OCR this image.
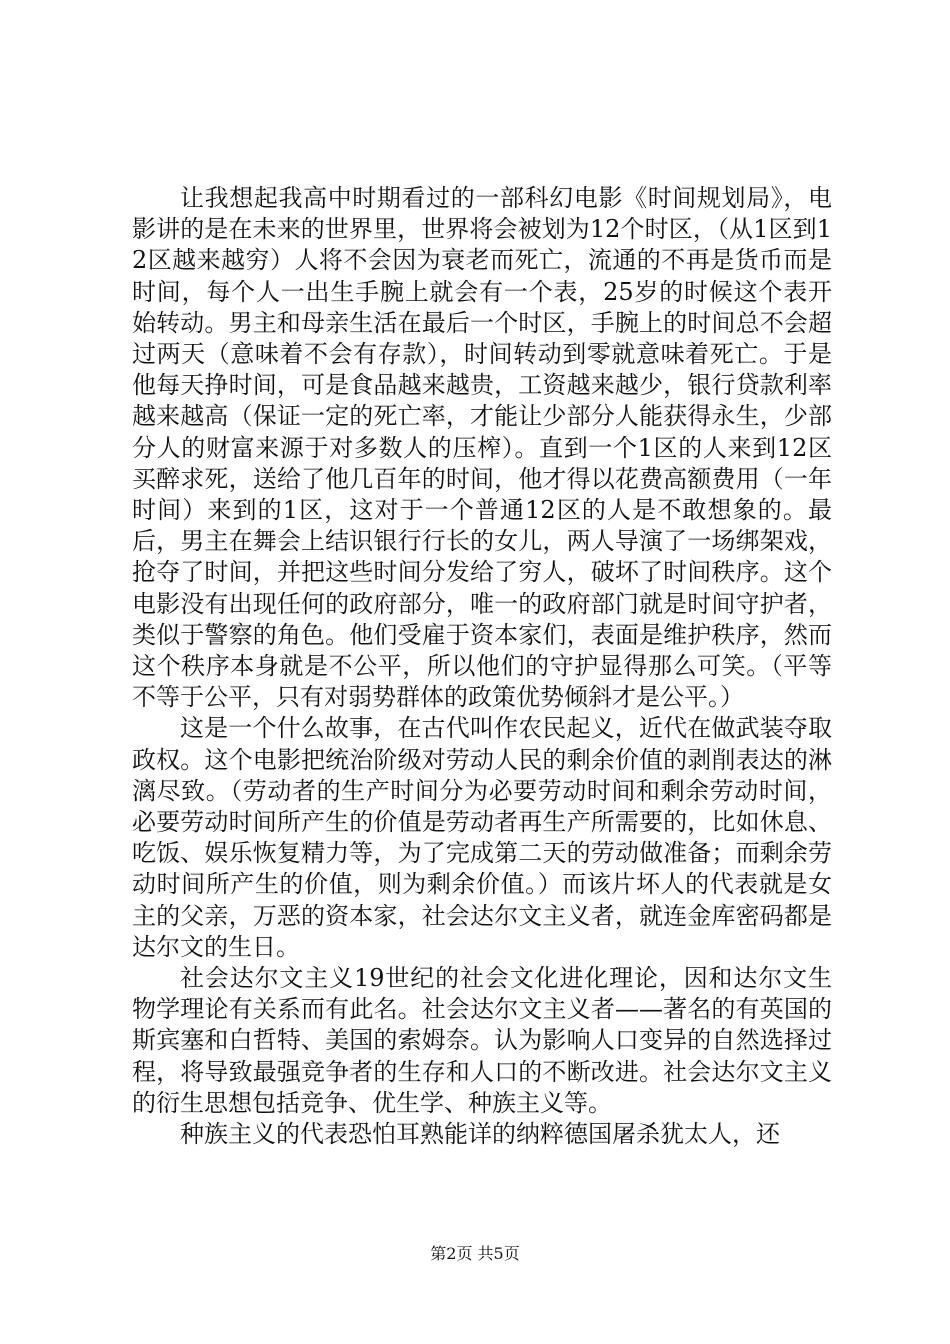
让我想起我高中时期看过的一部科幻电影《时间规划局》，电影讲的是在未来的世界里，世界将会被划为12个时区，（从1区到12区越来越穷）人将不会因为衰老而死亡，流通的不再是货币而是时间，每个人一出生手腕上就会有一个表，25岁的时候这个表开始转动。男主和母亲生活在最后一个时区，手腕上的时间总不会超过两天（意味着不会有存款），时间转动到零就意味着死亡。于是他每天挣时间，可是食品越来越贵，工资越来越少，银行贷款利率越来越高（保证一定的死亡率，才能让少部分人能获得永生，少部分人的财富来源于对多数人的压榨）。直到一个1区的人来到12区买醉求死，送给了他几百年的时间，他才得以花费高额费用（一年时间）来到的1区，这对于一个普通12区的人是不敢想象的。最后，男主在舞会上结识银行行长的女儿，两人导演了一场绑架戏，抢夺了时间，并把这些时间分发给了穷人，破坏了时间秩序。这个电影没有出现任何的政府部分，唯一的政府部门就是时间守护者，类似于警察的角色。他们受雇于资本家们，表面是维护秩序，然而这个秩序本身就是不公平，所以他们的守护显得那么可笑。（平等不等于公平，只有对弱势群体的政策优势倾斜才是公平。）

这是一个什么故事，在古代叫作农民起义，近代在做武装夺取政权。这个电影把统治阶级对劳动人民的剩余价值的剥削表达的淋漓尽致。（劳动者的生产时间分为必要劳动时间和剩余劳动时间，必要劳动时间所产生的价值是劳动者再生产所需要的，比如休息、吃饭、娱乐恢复精力等，为了完成第二天的劳动做准备；而剩余劳动时间所产生的价值，则为剩余价值。）而该片坏人的代表就是女主的父亲，万恶的资本家，社会达尔文主义者，就连金库密码都是达尔文的生日。

社会达尔文主义19世纪的社会文化进化理论，因和达尔文生物学理论有关系而有此名。社会达尔文主义者——著名的有英国的斯宾塞和白哲特、美国的索姆奈。认为影响人口变异的自然选择过程，将导致最强竞争者的生存和人口的不断改进。社会达尔文主义的衍生思想包括竞争、优生学、种族主义等。

种族主义的代表恐怕耳熟能详的纳粹德国屠杀犹太人，还

第2页 共5页
